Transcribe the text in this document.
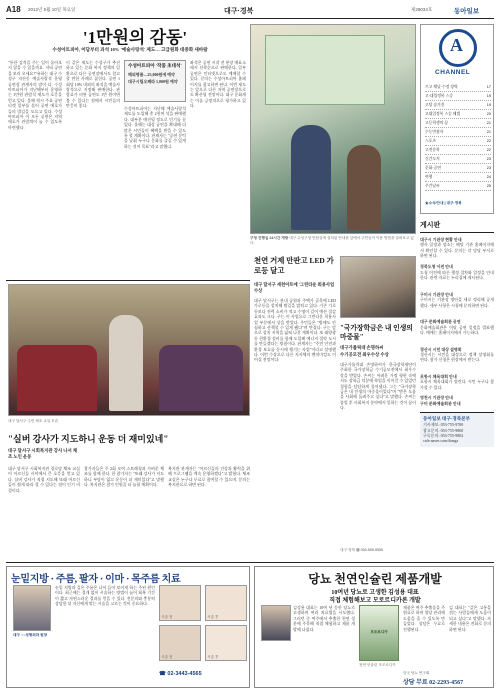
A18 2012년 5월 10일 목요일	대구·경북	제29034호	동아일보
'1만원의 감동'
수성아트피아, 어담부터 과석 10% '예술사랑석' 제도… 고급원화 대중화 새바람
"통한 감격을 주는 일이 돌아오지 않을 수 있을까요. 저녁 공연을 보러 오세요?"유하는 대구 수성구 지산동 예술사랑석 운영 공연장 관계자의 말이 다. 수성아트피아가 지난해부터 운영하는 1만원 관람석 제도가 호응을 얻고 있다. 올해 역시 주요 공연 티켓 일부를 묶어 공연 애호가들의 발길을 모으고 있다. 수성아트피아 이 모든 공연은 지역 애호가 관람객이 늘 수 있도록 마련했다.
이 같은 제도는 수성구가 추진하고 있는 문화 복지 정책의 일환으로 다른 공연장에서도 참고할 만한 사례로 꼽힌다. 공연 1회당 10% 내외의 좌석을 예술사랑석으로 지정해 판매한다. 관람료가 비싼 공연도 1만 원이면 볼 수 있다는 점에서 시민들의 반응이 좋다.
수성아트피아 '작품 초대석'
해외명품—25,000원에 예약
대구시립오페라 1,000원 예약
수성아트피아는 지난해 예술사랑석 제도를 도입해 총 2천여 석을 판매했다. 대부분 매진될 정도로 인기를 끌었다. 올해는 대상 공연을 확대해 더 많은 시민들이 혜택을 받을 수 있도록 할 계획이다. 관계자는 "공연 문턱을 낮춰 누구나 문화를 즐길 수 있게 하는 것이 목표"라고 말했다.
좌석은 공연 시작 전 현장 매표소에서 선착순으로 판매한다. 일부 공연은 인터넷으로도 예매할 수 있다. 문의는 수성아트피아 홈페이지를 참고하면 된다. 이번 제도는 앞으로 다른 지역 공연장으로도 확산될 전망이다. 대구 문화계는 이를 긍정적으로 평가하고 있다.
구청 진행실 24시간 개방 대구 수성구청 민원실에 설치된 안내판 앞에서 주민들이 이용 방법을 살펴보고 있다.
A
CHANNEL
프고 채널·수정 장벽	17
고·대입정복 스승	19
고당 숨겨진	19
고대입정복 스승 해법	20
고등학생의 꿈	21
수능만점자	21
스포츠	22
고전문학	22
신간도서	23
문화·공연	23
여행	24
주간날씨	25
★소식/안내 | 대구·경북
게시판
대구시 기관장 현황 안내
행사 일정과 장소는 해당 기관 홈페이지에서 확인할 수 있다. 문의는 각 담당 부서로 하면 된다.
경북도청 이전 안내
도청 이전에 따른 행정 절차와 일정을 안내한다. 관련 자료는 누리집에 게시된다.
구미시 기관장 안내
구미시는 기관장 명단을 새로 정리해 공개했다. 세부 사항은 시청에 문의하면 된다.
대구 문화예술회관 공연
문화예술회관은 이달 공연 일정을 발표했다. 예매는 홈페이지에서 가능하다.
경산시 시민 대상 설명회
경산시는 시민을 대상으로 정책 설명회를 연다. 참가 신청은 현장에서 받는다.
포항시 체육대회 안내
포항시 체육대회가 열린다. 시민 누구나 참가할 수 있다.
영천시 기관장 안내
구미 문화예술회관 안내
동아일보 대구·경북본부
기사제보: 053-755-9700
광고문의: 053-755-9800
구독문의: 053-755-9802
cafe.naver.com/donga
대구 달서구 주민 체조 교실 모습
"실버 강사가 지도하니 운동 더 재미있네"
대구 달서구 시회복지관 강사 나서 체조 노인 운동
대구 달서구 시회복지관 경로당 체조 교실이 어르신들 사이에서 큰 호응을 얻고 있다. 실버 강사가 직접 지도해 또래 어르신들이 쉽게 따라 할 수 있다는 점이 인기 비결이다.
참가자들은 주 2회 모여 스트레칭과 가벼운 체조를 함께 한다. 한 참가자는 "또래 강사가 지도하니 부담이 없고 운동이 더 재미있다"고 말했다. 복지관은 참가 인원을 더 늘릴 계획이다.
복지관 관계자는 "어르신들의 건강과 활력을 위해 프로그램을 계속 운영하겠다"고 밝혔다. 체조 교실은 누구나 무료로 참여할 수 있으며, 문의는 복지관으로 하면 된다.
천연 거제 만판고 LED 가로등 달고
대구 달서구 세천아트에 '그린타운 희용사업 수상
대구 달서구는 관내 공원과 주택가 골목에 LED 가로등을 설치해 밤길을 밝히고 있다. 기존 가로등보다 전력 소비가 적고 수명이 길어 예산 절감 효과도 크다. 구는 이 사업으로 그린타운 희용사업 부문에서 상을 받았다. 주민들은 "밤에도 안심하고 산책할 수 있게 됐다"며 반겼다. 구는 앞으로 설치 지역을 넓혀 나갈 계획이다. 또 태양광 등 친환경 설비를 함께 도입해 에너지 절약 도시를 만들겠다는 방침이다. 관계자는 "주민 안전과 환경 보호를 동시에 챙기는 사업"이라고 설명했다. 이번 수상으로 다른 지자체의 벤치마킹도 이어질 전망이다.
"국가장학금은 내 인생의 마중물"
대구가톨릭대 손명하씨
수기공모전 최우수상 수상
대구가톨릭대 손명하씨가 한국장학재단이 주최한 국가장학금 수기공모전에서 최우수상을 받았다. 손씨는 어려운 가정 형편 속에서도 장학금 덕분에 학업을 이어갈 수 있었던 경험을 담담하게 풀어냈다. 그는 "국가장학금은 내 인생의 마중물이었다"며 "받은 도움을 사회에 돌려주고 싶다"고 말했다. 손씨는 졸업 후 사회복지 분야에서 일하는 것이 꿈이다.
대구·경북 ☎ 053-555-5555
눈밑지방 · 주름, 팔자 · 이마 · 목주름 치료
대구 ○○성형외과 원장
눈밑 지방과 깊은 주름은 나이 들어 보이게 하는 주된 원인이다. 최근에는 절개 없이 시술하는 방법이 늘어 회복 기간이 짧고 자연스러운 결과를 얻을 수 있다. 전문의와 충분히 상담한 뒤 자신에게 맞는 시술을 고르는 것이 중요하다.
시술 전	시술 후
시술 전	시술 후
☎ 02-3443-4565
당뇨 천연인슐린 제품개발
10여년 당뇨로 고생한 김성용 대표
직접 체험해보고 모로르디카론 개발
김성용 대표는 10여 년 동안 당뇨로 고생하며 여러 치료법을 시도했다. 그러던 중 여주에서 추출한 천연 성분에 주목해 직접 체험하고 제품 개발에 나섰다.
모모르디카
천연 인슐린 모모르디카
제품은 여주 추출물을 주원료로 하며 혈당 관리에 도움을 줄 수 있도록 만들었다. 상담은 무료로 진행된다.
김 대표는 "같은 고통을 겪는 사람들에게 도움이 되고 싶다"고 말했다. 자세한 내용은 전화로 문의하면 된다.
한국 당뇨 연구회
상담 무료 02-2293-4567
